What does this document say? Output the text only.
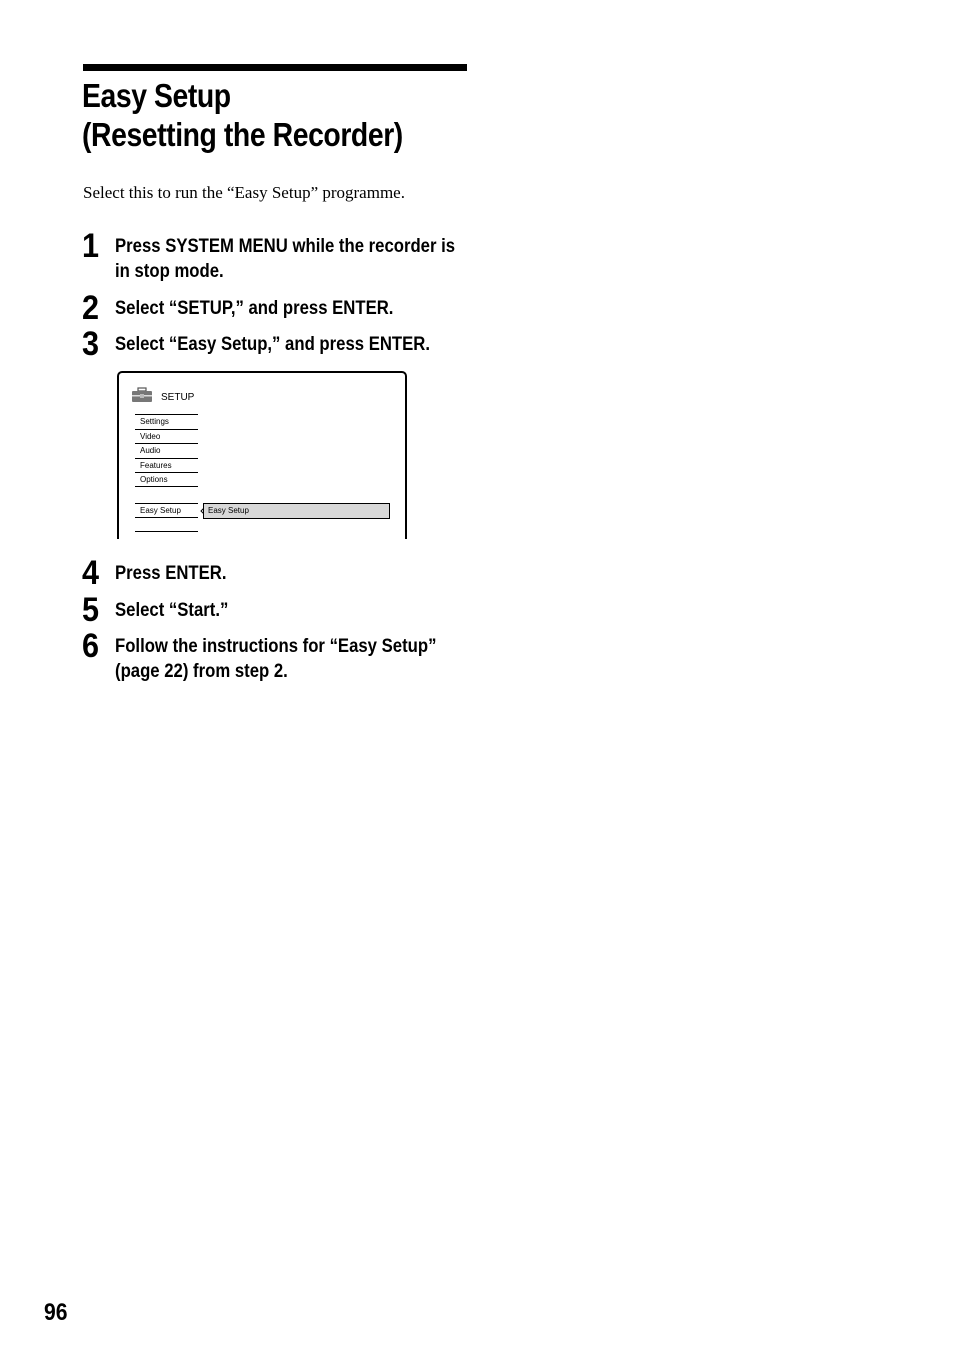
Easy Setup
(Resetting the Recorder)
Select this to run the “Easy Setup” programme.
1 Press SYSTEM MENU while the recorder is
in stop mode.
2 Select “SETUP,” and press ENTER.
3 Select “Easy Setup,” and press ENTER.
SETUP
Settings
Video
Audio
Features
Options
Easy Setup	Easy Setup
4 Press ENTER.
5 Select “Start.”
6 Follow the instructions for “Easy Setup”
(page 22) from step 2.
96
